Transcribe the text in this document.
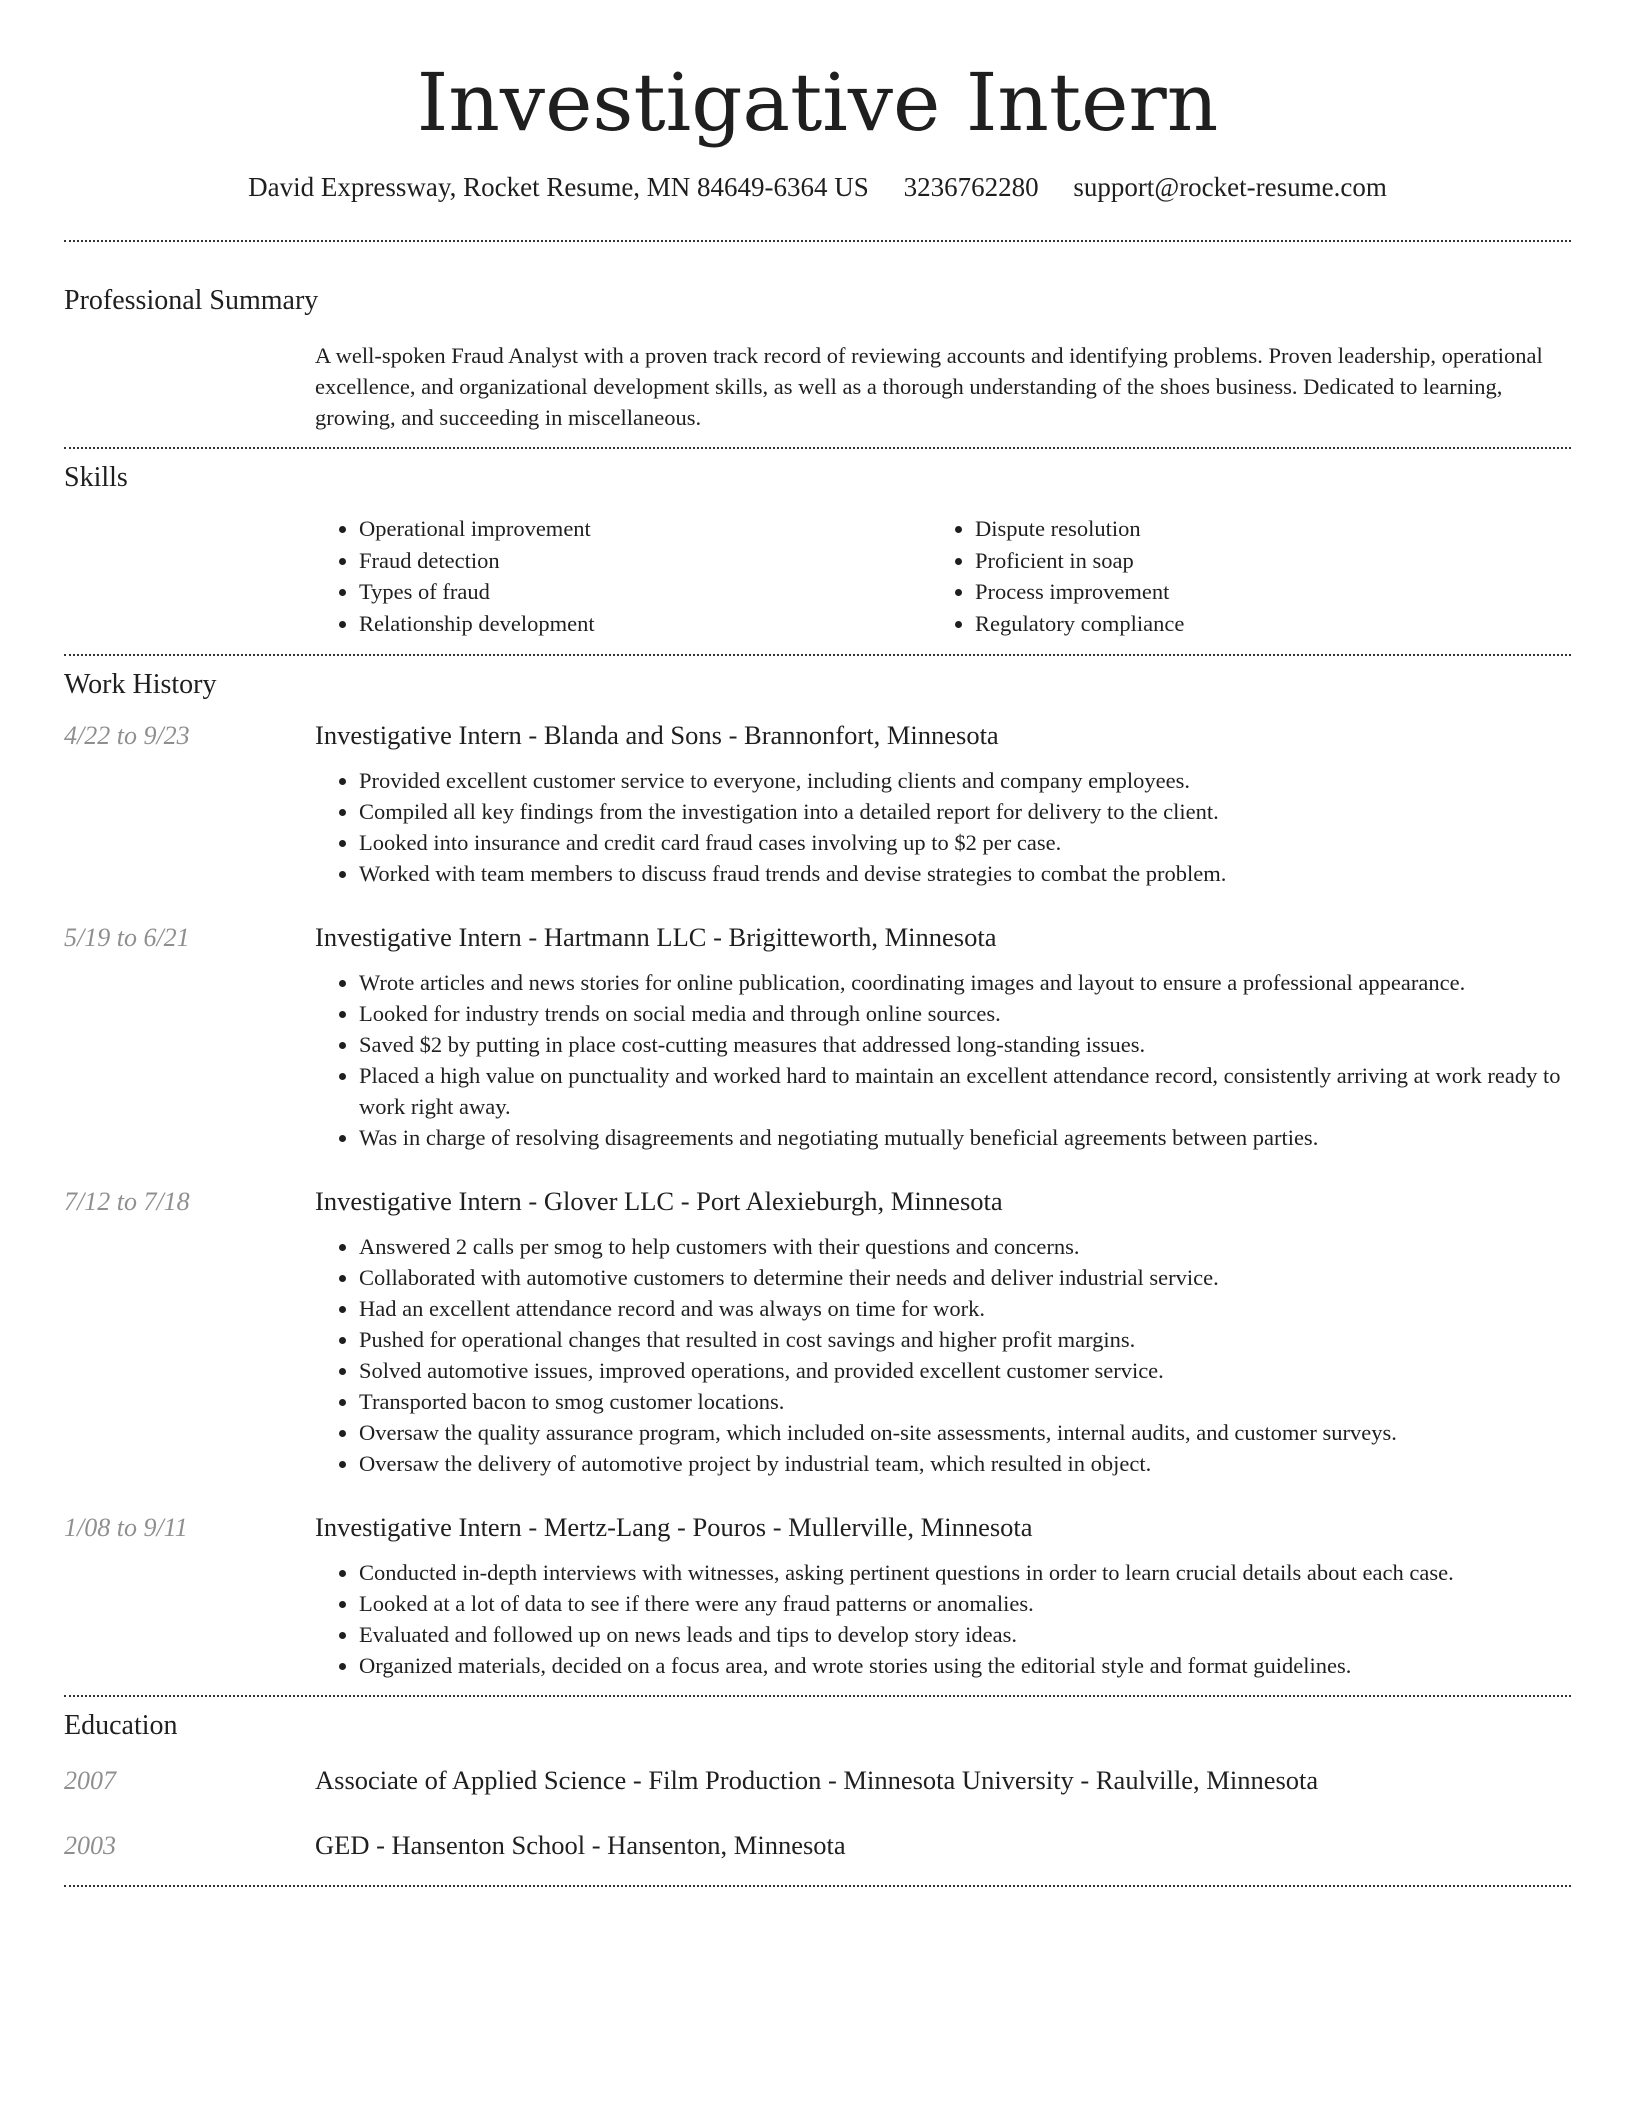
Investigative Intern
David Expressway, Rocket Resume, MN 84649-6364 US 3236762280 support@rocket-resume.com
Professional Summary

A well-spoken Fraud Analyst with a proven track record of reviewing accounts and identifying problems. Proven leadership, operational excellence, and organizational development skills, as well as a thorough understanding of the shoes business. Dedicated to learning, growing, and succeeding in miscellaneous.

Skills
• Operational improvement
• Fraud detection
• Types of fraud
• Relationship development
• Dispute resolution
• Proficient in soap
• Process improvement
• Regulatory compliance
Work History
4/22 to 9/23	Investigative Intern - Blanda and Sons - Brannonfort, Minnesota
• Provided excellent customer service to everyone, including clients and company employees.
• Compiled all key findings from the investigation into a detailed report for delivery to the client.
• Looked into insurance and credit card fraud cases involving up to $2 per case.
• Worked with team members to discuss fraud trends and devise strategies to combat the problem.
5/19 to 6/21	Investigative Intern - Hartmann LLC - Brigitteworth, Minnesota
• Wrote articles and news stories for online publication, coordinating images and layout to ensure a professional appearance.
• Looked for industry trends on social media and through online sources.
• Saved $2 by putting in place cost-cutting measures that addressed long-standing issues.
• Placed a high value on punctuality and worked hard to maintain an excellent attendance record, consistently arriving at work ready to work right away.
• Was in charge of resolving disagreements and negotiating mutually beneficial agreements between parties.
7/12 to 7/18	Investigative Intern - Glover LLC - Port Alexieburgh, Minnesota
• Answered 2 calls per smog to help customers with their questions and concerns.
• Collaborated with automotive customers to determine their needs and deliver industrial service.
• Had an excellent attendance record and was always on time for work.
• Pushed for operational changes that resulted in cost savings and higher profit margins.
• Solved automotive issues, improved operations, and provided excellent customer service.
• Transported bacon to smog customer locations.
• Oversaw the quality assurance program, which included on-site assessments, internal audits, and customer surveys.
• Oversaw the delivery of automotive project by industrial team, which resulted in object.
1/08 to 9/11	Investigative Intern - Mertz-Lang - Pouros - Mullerville, Minnesota
• Conducted in-depth interviews with witnesses, asking pertinent questions in order to learn crucial details about each case.
• Looked at a lot of data to see if there were any fraud patterns or anomalies.
• Evaluated and followed up on news leads and tips to develop story ideas.
• Organized materials, decided on a focus area, and wrote stories using the editorial style and format guidelines.
Education
2007	Associate of Applied Science - Film Production - Minnesota University - Raulville, Minnesota
2003	GED - Hansenton School - Hansenton, Minnesota
